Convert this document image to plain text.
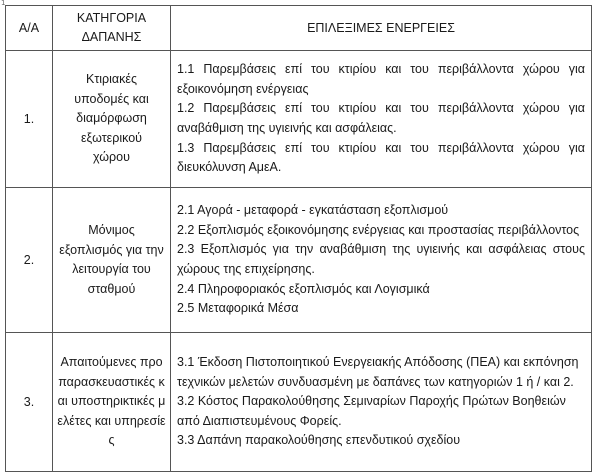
1
Α/Α	ΚΑΤΗΓΟΡΙΑ ΔΑΠΑΝΗΣ	ΕΠΙΛΕΞΙΜΕΣ ΕΝΕΡΓΕΙΕΣ
1.	Κτιριακές υποδομές και διαμόρφωση εξωτερικού χώρου	1.1 Παρεμβάσεις επί του κτιρίου και του περιβάλλοντα χώρου για εξοικονόμηση ενέργειας

1.2 Παρεμβάσεις επί του κτιρίου και του περιβάλλοντα χώρου για αναβάθμιση της υγιεινής και ασφάλειας.

1.3 Παρεμβάσεις επί του κτιρίου και του περιβάλλοντα χώρου για διευκόλυνση ΑμεΑ.

2.	Μόνιμος εξοπλισμός για την λειτουργία του σταθμού	2.1 Αγορά - μεταφορά - εγκατάσταση εξοπλισμού

2.2 Εξοπλισμός εξοικονόμησης ενέργειας και προστασίας περιβάλλοντος

2.3 Εξοπλισμός για την αναβάθμιση της υγιεινής και ασφάλειας στους χώρους της επιχείρησης.

2.4 Πληροφοριακός εξοπλισμός και Λογισμικά

2.5 Μεταφορικά Μέσα

3.	Απαιτούμενες προπαρασκευαστικές και υποστηρικτικές μελέτες και υπηρεσίες	3.1 Έκδοση Πιστοποιητικού Ενεργειακής Απόδοσης (ΠΕΑ) και εκπόνηση τεχνικών μελετών συνδυασμένη με δαπάνες των κατηγοριών 1 ή / και 2.

3.2 Κόστος Παρακολούθησης Σεμιναρίων Παροχής Πρώτων Βοηθειών από Διαπιστευμένους Φορείς.

3.3 Δαπάνη παρακολούθησης επενδυτικού σχεδίου
